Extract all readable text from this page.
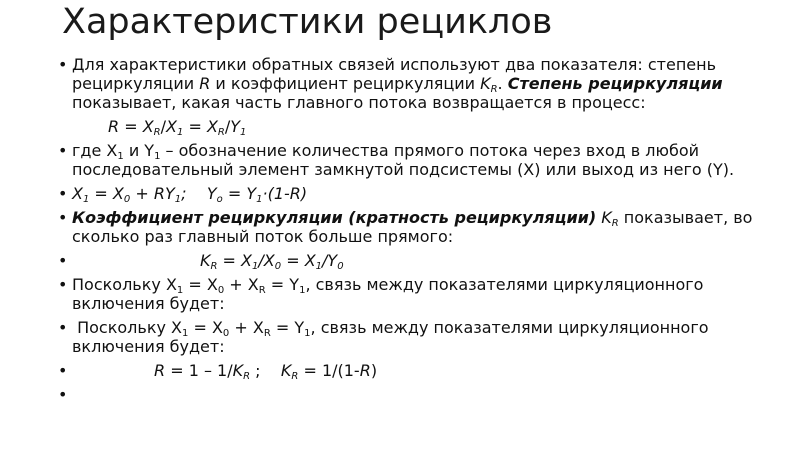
Характеристики рециклов
• Для характеристики обратных связей используют два показателя: степень рециркуляции R и коэффициент рециркуляции $K_R$. Степень рециркуляции показывает, какая часть главного потока возвращается в процесс:
$R = X_R/X_1 = X_R/Y_1$
• где $X_1$ и $Y_1$ – обозначение количества прямого потока через вход в любой последовательный элемент замкнутой подсистемы (X) или выход из него (Y).
• $X_1 = X_0 + RY_1$;    $Y_o = Y_1\cdot(1-R)$
• Коэффициент рециркуляции (кратность рециркуляции) $K_R$ показывает, во сколько раз главный поток больше прямого:
• $K_R = X_1/X_0 = X_1/Y_0$
• Поскольку $X_1 = X_0 + X_R = Y_1$, связь между показателями циркуляционного включения будет:
•  Поскольку $X_1 = X_0 + X_R = Y_1$, связь между показателями циркуляционного включения будет:
• $R = 1 - 1/K_R$ ;    $K_R = 1/(1-R)$
•
